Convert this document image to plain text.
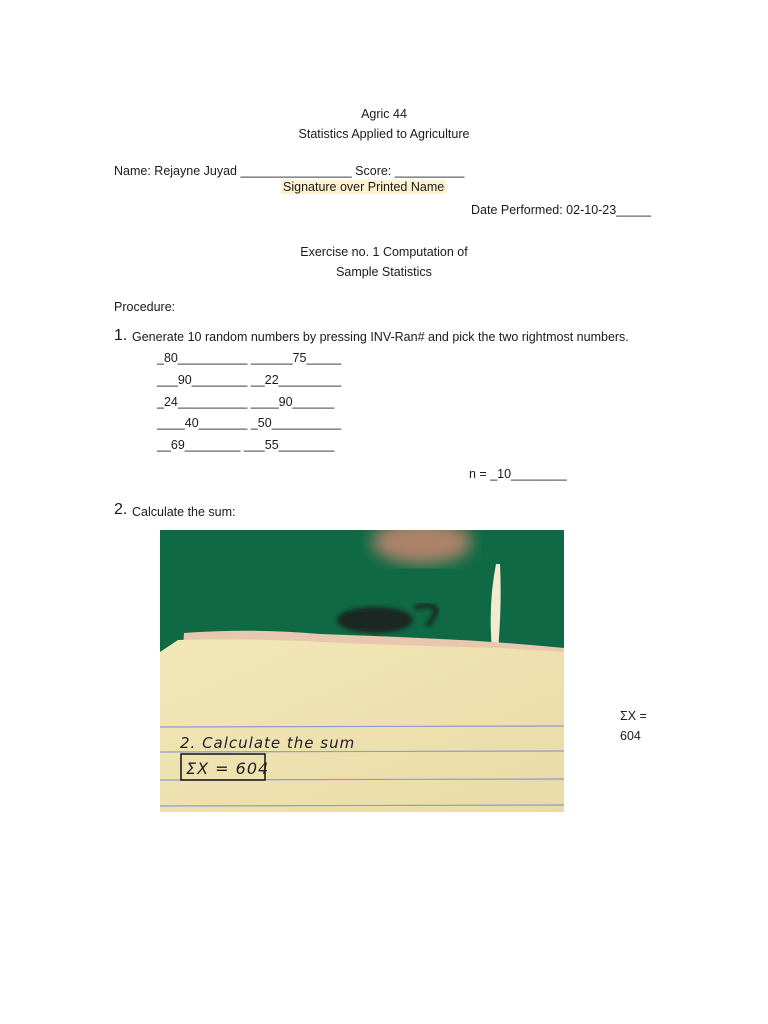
Agric 44
Statistics Applied to Agriculture
Name: Rejayne Juyad ________________ Score: __________
Signature over Printed Name
Date Performed: 02-10-23_____
Exercise no. 1 Computation of
Sample Statistics
Procedure:
1. Generate 10 random numbers by pressing INV-Ran# and pick the two rightmost numbers.
_80__________ ______75_____
___90________ __22_________
_24__________ ____90______
____40_______ _50__________
__69________ ___55________
n = _10________
2. Calculate the sum:
2. Calculate the sum
ΣX = 604
ΣX =
604
